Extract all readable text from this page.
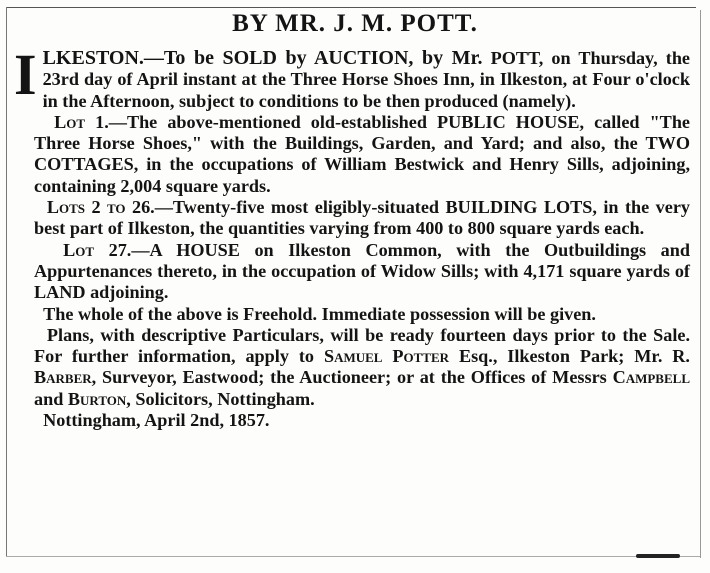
BY MR. J. M. POTT.

ILKESTON.—To be SOLD by AUCTION, by Mr. POTT, on Thursday, the 23rd day of April instant at the Three Horse Shoes Inn, in Ilkeston, at Four o'clock in the Afternoon, subject to conditions to be then produced (namely).

Lot 1.—The above-mentioned old-established PUBLIC HOUSE, called "The Three Horse Shoes," with the Buildings, Garden, and Yard; and also, the TWO COTTAGES, in the occupations of William Bestwick and Henry Sills, adjoining, containing 2,004 square yards.

Lots 2 to 26.—Twenty-five most eligibly-situated BUILDING LOTS, in the very best part of Ilkeston, the quantities varying from 400 to 800 square yards each.

Lot 27.—A HOUSE on Ilkeston Common, with the Outbuildings and Appurtenances thereto, in the occupation of Widow Sills; with 4,171 square yards of LAND adjoining.

The whole of the above is Freehold. Immediate possession will be given.

Plans, with descriptive Particulars, will be ready fourteen days prior to the Sale. For further information, apply to Samuel Potter Esq., Ilkeston Park; Mr. R. Barber, Surveyor, Eastwood; the Auctioneer; or at the Offices of Messrs Campbell and Burton, Solicitors, Nottingham.

Nottingham, April 2nd, 1857.
